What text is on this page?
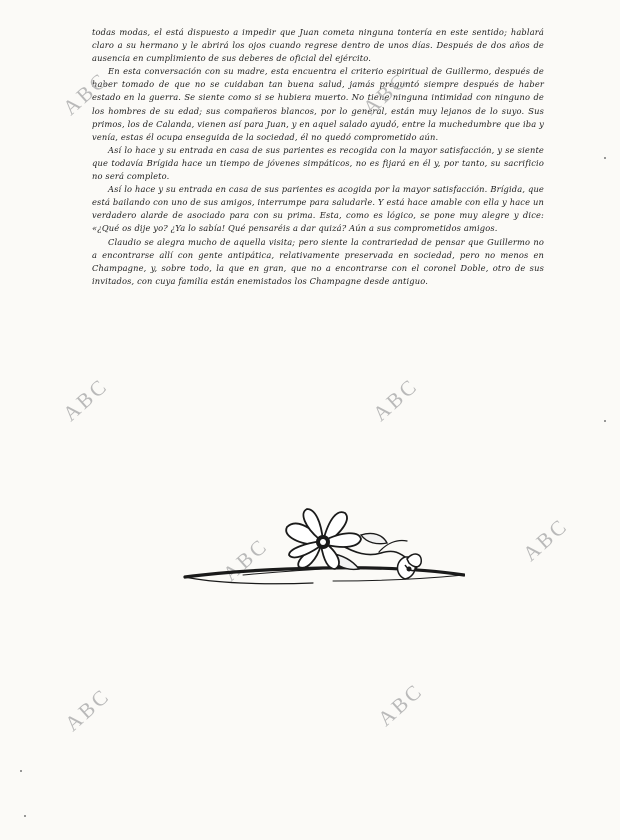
todas modas, el está dispuesto a impedir que Juan cometa ninguna tontería en este sentido; hablará claro a su hermano y le abrirá los ojos cuando regrese dentro de unos días. Después de dos años de ausencia en cumplimiento de sus deberes de oficial del ejército.

En esta conversación con su madre, esta encuentra el criterio espiritual de Guillermo, después de haber tomado de que no se cuidaban tan buena salud, jamás preguntó siempre después de haber estado en la guerra. Se siente como si se hubiera muerto. No tiene ninguna intimidad con ninguno de los hombres de su edad; sus compañeros blancos, por lo general, están muy lejanos de lo suyo. Sus primos, los de Calanda, vienen así para Juan, y en aquel salado ayudó, entre la muchedumbre que iba y venía, estas él ocupa enseguida de la sociedad, él no quedó comprometido aún.

Así lo hace y su entrada en casa de sus parientes es recogida con la mayor satisfacción, y se siente que todavía Brígida hace un tiempo de jóvenes simpáticos, no es fijará en él y, por tanto, su sacrificio no será completo.

Así lo hace y su entrada en casa de sus parientes es acogida por la mayor satisfacción. Brígida, que está bailando con uno de sus amigos, interrumpe para saludarle. Y está hace amable con ella y hace un verdadero alarde de asociado para con su prima. Esta, como es lógico, se pone muy alegre y dice: «¿Qué os dije yo? ¿Ya lo sabía! Qué pensaréis a dar quizá? Aún a sus comprometidos amigos.

Claudio se alegra mucho de aquella visita; pero siente la contrariedad de pensar que Guillermo no a encontrarse allí con gente antipática, relativamente preservada en sociedad, pero no menos en Champagne, y, sobre todo, la que en gran, que no a encontrarse con el coronel Doble, otro de sus invitados, con cuya familia están enemistados los Champagne desde antiguo.

ABC	ABC
ABC	ABC
ABC	ABC
ABC	ABC
